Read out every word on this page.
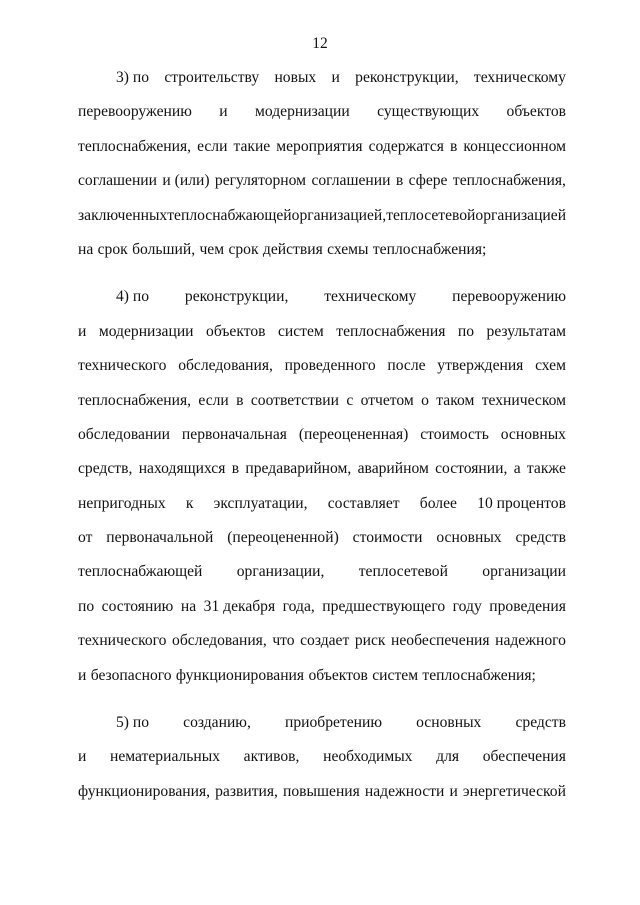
12
3) по строительству новых и реконструкции, техническому
перевооружению и модернизации существующих объектов
теплоснабжения, если такие мероприятия содержатся в концессионном
соглашении и (или) регуляторном соглашении в сфере теплоснабжения,
заключенных теплоснабжающей организацией, теплосетевой организацией
на срок больший, чем срок действия схемы теплоснабжения;
4) по реконструкции, техническому перевооружению
и модернизации объектов систем теплоснабжения по результатам
технического обследования, проведенного после утверждения схем
теплоснабжения, если в соответствии с отчетом о таком техническом
обследовании первоначальная (переоцененная) стоимость основных
средств, находящихся в предаварийном, аварийном состоянии, а также
непригодных к эксплуатации, составляет более 10 процентов
от первоначальной (переоцененной) стоимости основных средств
теплоснабжающей организации, теплосетевой организации
по состоянию на 31 декабря года, предшествующего году проведения
технического обследования, что создает риск необеспечения надежного
и безопасного функционирования объектов систем теплоснабжения;
5) по созданию, приобретению основных средств
и нематериальных активов, необходимых для обеспечения
функционирования, развития, повышения надежности и энергетической
